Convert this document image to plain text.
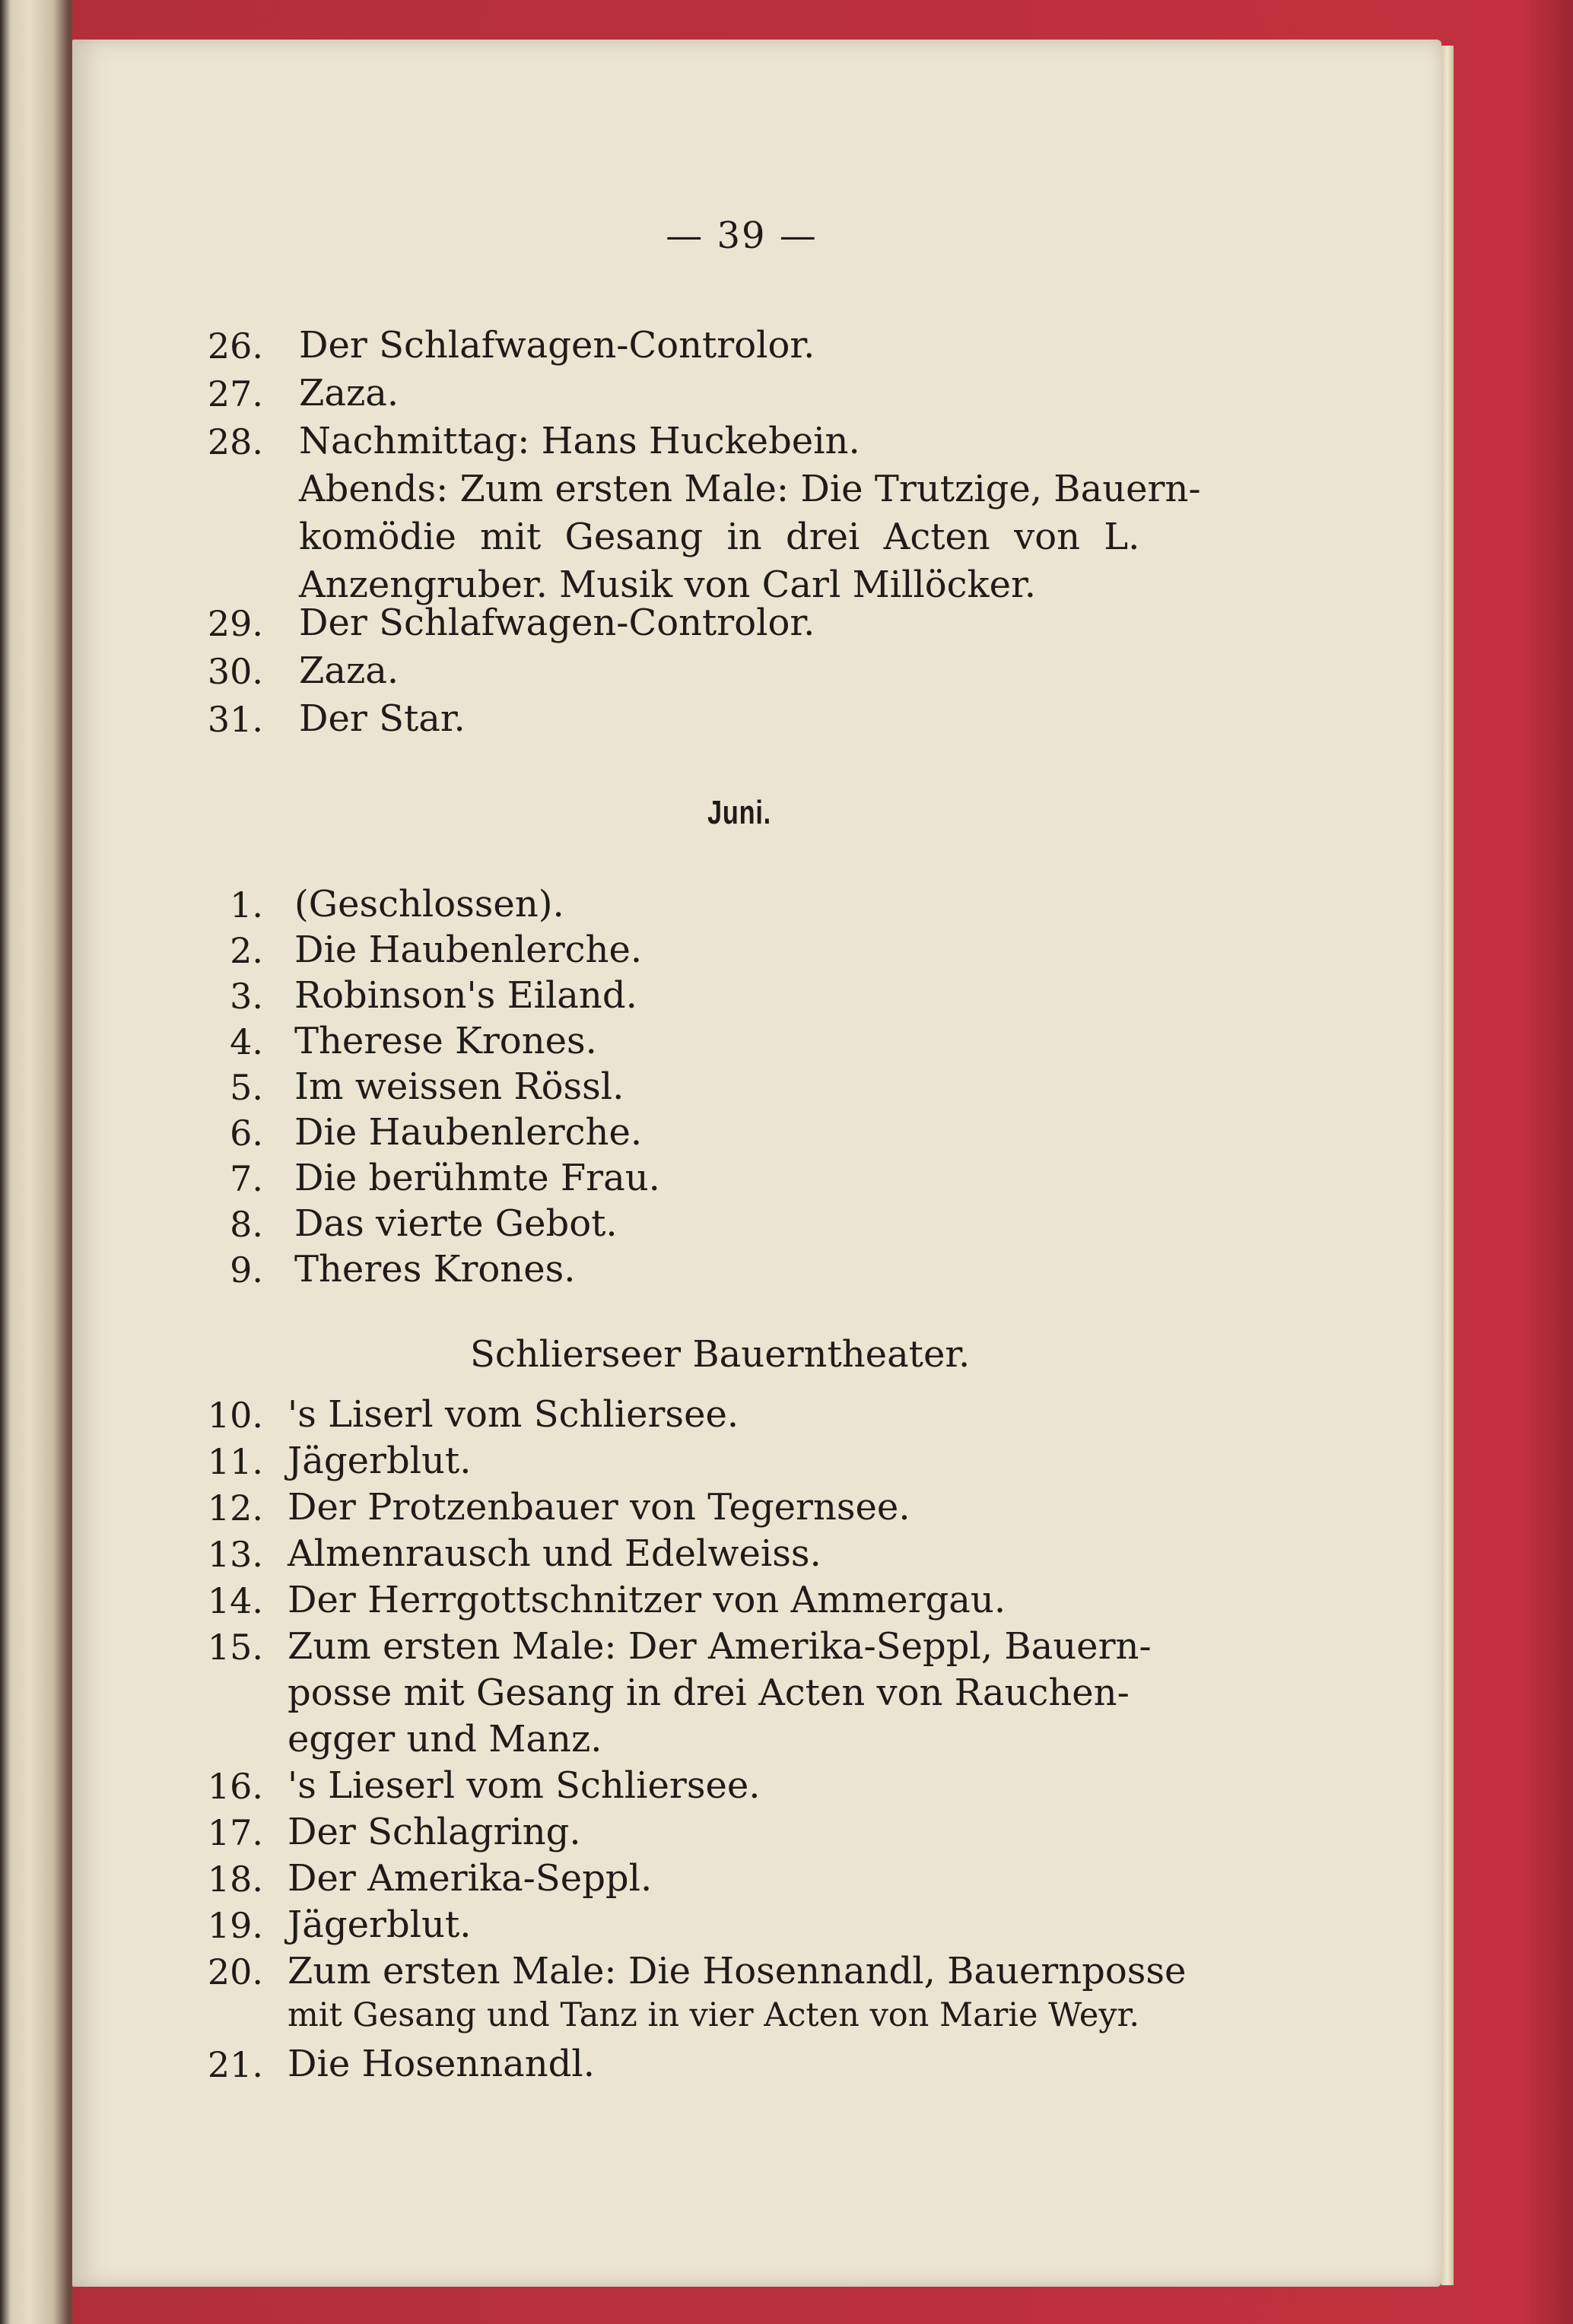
— 39 —
26. Der Schlafwagen-Controlor.
27. Zaza.
28. Nachmittag: Hans Huckebein.
Abends: Zum ersten Male: Die Trutzige, Bauern-
komödie mit Gesang in drei Acten von L.
Anzengruber. Musik von Carl Millöcker.
29. Der Schlafwagen-Controlor.
30. Zaza.
31. Der Star.
Juni.
1. (Geschlossen).
2. Die Haubenlerche.
3. Robinson's Eiland.
4. Therese Krones.
5. Im weissen Rössl.
6. Die Haubenlerche.
7. Die berühmte Frau.
8. Das vierte Gebot.
9. Theres Krones.
Schlierseer Bauerntheater.
10. 's Liserl vom Schliersee.
11. Jägerblut.
12. Der Protzenbauer von Tegernsee.
13. Almenrausch und Edelweiss.
14. Der Herrgottschnitzer von Ammergau.
15. Zum ersten Male: Der Amerika-Seppl, Bauern-
posse mit Gesang in drei Acten von Rauchen-
egger und Manz.
16. 's Lieserl vom Schliersee.
17. Der Schlagring.
18. Der Amerika-Seppl.
19. Jägerblut.
20. Zum ersten Male: Die Hosennandl, Bauernposse
mit Gesang und Tanz in vier Acten von Marie Weyr.
21. Die Hosennandl.
